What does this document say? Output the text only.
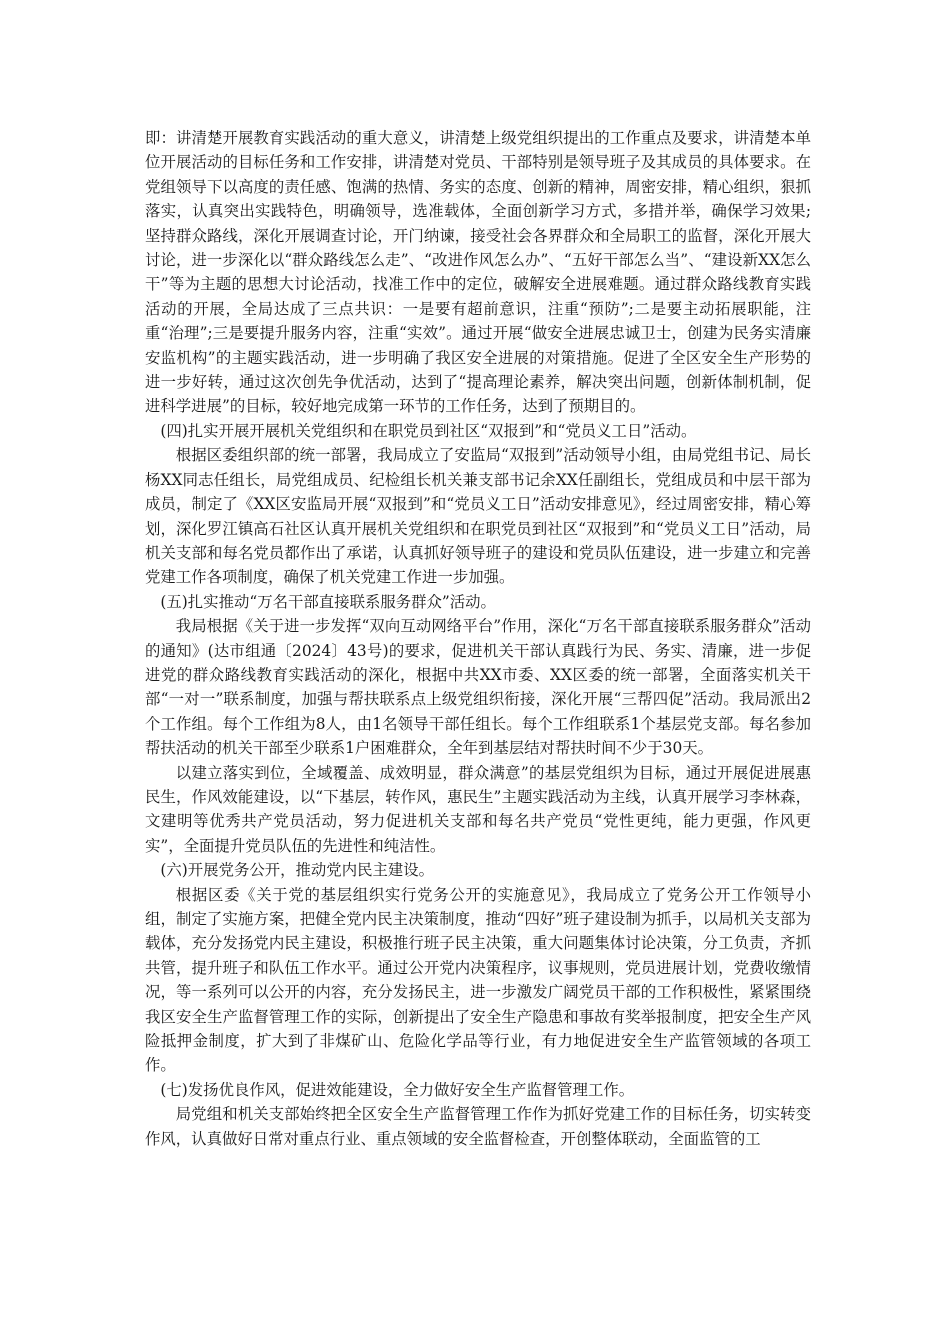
即：讲清楚开展教育实践活动的重大意义，讲清楚上级党组织提出的工作重点及要求，讲清楚本单位开展活动的目标任务和工作安排，讲清楚对党员、干部特别是领导班子及其成员的具体要求。在党组领导下以高度的责任感、饱满的热情、务实的态度、创新的精神，周密安排，精心组织，狠抓落实，认真突出实践特色，明确领导，选准载体，全面创新学习方式，多措并举，确保学习效果;坚持群众路线，深化开展调查讨论，开门纳谏，接受社会各界群众和全局职工的监督，深化开展大讨论，进一步深化以“群众路线怎么走”、“改进作风怎么办”、“五好干部怎么当”、“建设新XX怎么干”等为主题的思想大讨论活动，找准工作中的定位，破解安全进展难题。通过群众路线教育实践活动的开展，全局达成了三点共识：一是要有超前意识，注重“预防”;二是要主动拓展职能，注重“治理”;三是要提升服务内容，注重“实效”。通过开展“做安全进展忠诚卫士，创建为民务实清廉安监机构”的主题实践活动，进一步明确了我区安全进展的对策措施。促进了全区安全生产形势的进一步好转，通过这次创先争优活动，达到了“提高理论素养，解决突出问题，创新体制机制，促进科学进展”的目标，较好地完成第一环节的工作任务，达到了预期目的。

(四)扎实开展开展机关党组织和在职党员到社区“双报到”和“党员义工日”活动。

根据区委组织部的统一部署，我局成立了安监局“双报到”活动领导小组，由局党组书记、局长杨XX同志任组长，局党组成员、纪检组长机关兼支部书记余XX任副组长，党组成员和中层干部为成员，制定了《XX区安监局开展“双报到”和“党员义工日”活动安排意见》，经过周密安排，精心筹划，深化罗江镇高石社区认真开展机关党组织和在职党员到社区“双报到”和“党员义工日”活动，局机关支部和每名党员都作出了承诺，认真抓好领导班子的建设和党员队伍建设，进一步建立和完善党建工作各项制度，确保了机关党建工作进一步加强。

(五)扎实推动“万名干部直接联系服务群众”活动。

我局根据《关于进一步发挥“双向互动网络平台”作用，深化“万名干部直接联系服务群众”活动的通知》(达市组通〔2024〕43号)的要求，促进机关干部认真践行为民、务实、清廉，进一步促进党的群众路线教育实践活动的深化，根据中共XX市委、XX区委的统一部署，全面落实机关干部“一对一”联系制度，加强与帮扶联系点上级党组织衔接，深化开展“三帮四促”活动。我局派出2个工作组。每个工作组为8人，由1名领导干部任组长。每个工作组联系1个基层党支部。每名参加帮扶活动的机关干部至少联系1户困难群众，全年到基层结对帮扶时间不少于30天。

以建立落实到位，全域覆盖、成效明显，群众满意”的基层党组织为目标，通过开展促进展惠民生，作风效能建设，以“下基层，转作风，惠民生”主题实践活动为主线，认真开展学习李林森，文建明等优秀共产党员活动，努力促进机关支部和每名共产党员“党性更纯，能力更强，作风更实”，全面提升党员队伍的先进性和纯洁性。

(六)开展党务公开，推动党内民主建设。

根据区委《关于党的基层组织实行党务公开的实施意见》，我局成立了党务公开工作领导小组，制定了实施方案，把健全党内民主决策制度，推动“四好”班子建设制为抓手，以局机关支部为载体，充分发扬党内民主建设，积极推行班子民主决策，重大问题集体讨论决策，分工负责，齐抓共管，提升班子和队伍工作水平。通过公开党内决策程序，议事规则，党员进展计划，党费收缴情况，等一系列可以公开的内容，充分发扬民主，进一步激发广阔党员干部的工作积极性，紧紧围绕我区安全生产监督管理工作的实际，创新提出了安全生产隐患和事故有奖举报制度，把安全生产风险抵押金制度，扩大到了非煤矿山、危险化学品等行业，有力地促进安全生产监管领域的各项工作。

(七)发扬优良作风，促进效能建设，全力做好安全生产监督管理工作。

局党组和机关支部始终把全区安全生产监督管理工作作为抓好党建工作的目标任务，切实转变作风，认真做好日常对重点行业、重点领域的安全监督检查，开创整体联动，全面监管的工
